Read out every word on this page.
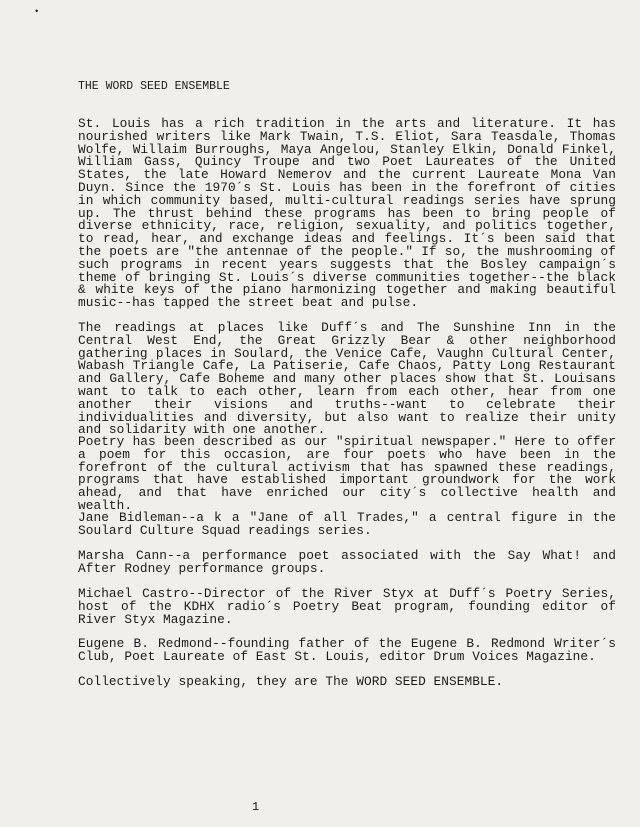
•
THE WORD SEED ENSEMBLE

St. Louis has a rich tradition in the arts and literature. It has nourished writers like Mark Twain, T.S. Eliot, Sara Teasdale, Thomas Wolfe, Willaim Burroughs, Maya Angelou, Stanley Elkin, Donald Finkel, William Gass, Quincy Troupe and two Poet Laureates of the United States, the late Howard Nemerov and the current Laureate Mona Van Duyn. Since the 1970´s St. Louis has been in the forefront of cities in which community based, multi-cultural readings series have sprung up. The thrust behind these programs has been to bring people of diverse ethnicity, race, religion, sexuality, and politics together, to read, hear, and exchange ideas and feelings. It´s been said that the poets are "the antennae of the people." If so, the mushrooming of such programs in recent years suggests that the Bosley campaign´s theme of bringing St. Louis´s diverse communities together--the black & white keys of the piano harmonizing together and making beautiful music--has tapped the street beat and pulse.

The readings at places like Duff´s and The Sunshine Inn in the Central West End, the Great Grizzly Bear & other neighborhood gathering places in Soulard, the Venice Cafe, Vaughn Cultural Center, Wabash Triangle Cafe, La Patiserie, Cafe Chaos, Patty Long Restaurant and Gallery, Cafe Boheme and many other places show that St. Louisans want to talk to each other, learn from each other, hear from one another their visions and truths--want to celebrate their individualities and diversity, but also want to realize their unity and solidarity with one another.

Poetry has been described as our "spiritual newspaper." Here to offer a poem for this occasion, are four poets who have been in the forefront of the cultural activism that has spawned these readings, programs that have established important groundwork for the work ahead, and that have enriched our city´s collective health and wealth.

Jane Bidleman--a k a "Jane of all Trades," a central figure in the Soulard Culture Squad readings series.

Marsha Cann--a performance poet associated with the Say What! and After Rodney performance groups.

Michael Castro--Director of the River Styx at Duff´s Poetry Series, host of the KDHX radio´s Poetry Beat program, founding editor of River Styx Magazine.

Eugene B. Redmond--founding father of the Eugene B. Redmond Writer´s Club, Poet Laureate of East St. Louis, editor Drum Voices Magazine.

Collectively speaking, they are The WORD SEED ENSEMBLE.

1
